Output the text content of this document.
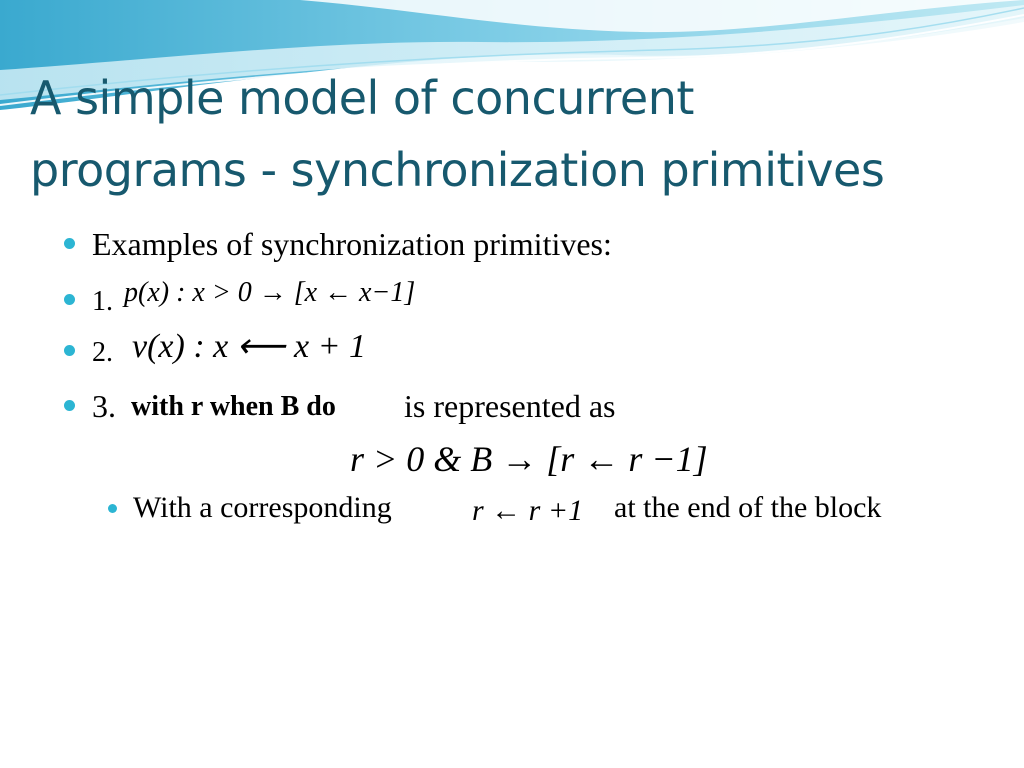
A simple model of concurrent
programs - synchronization primitives
Examples of synchronization primitives:
1. p(x) : x > 0 → [x ← x−1]
2. v(x) : x ⟵ x + 1
3. with r when B do is represented as
r > 0 & B → [r ← r −1]
With a corresponding	r ← r +1 at the end of the block
